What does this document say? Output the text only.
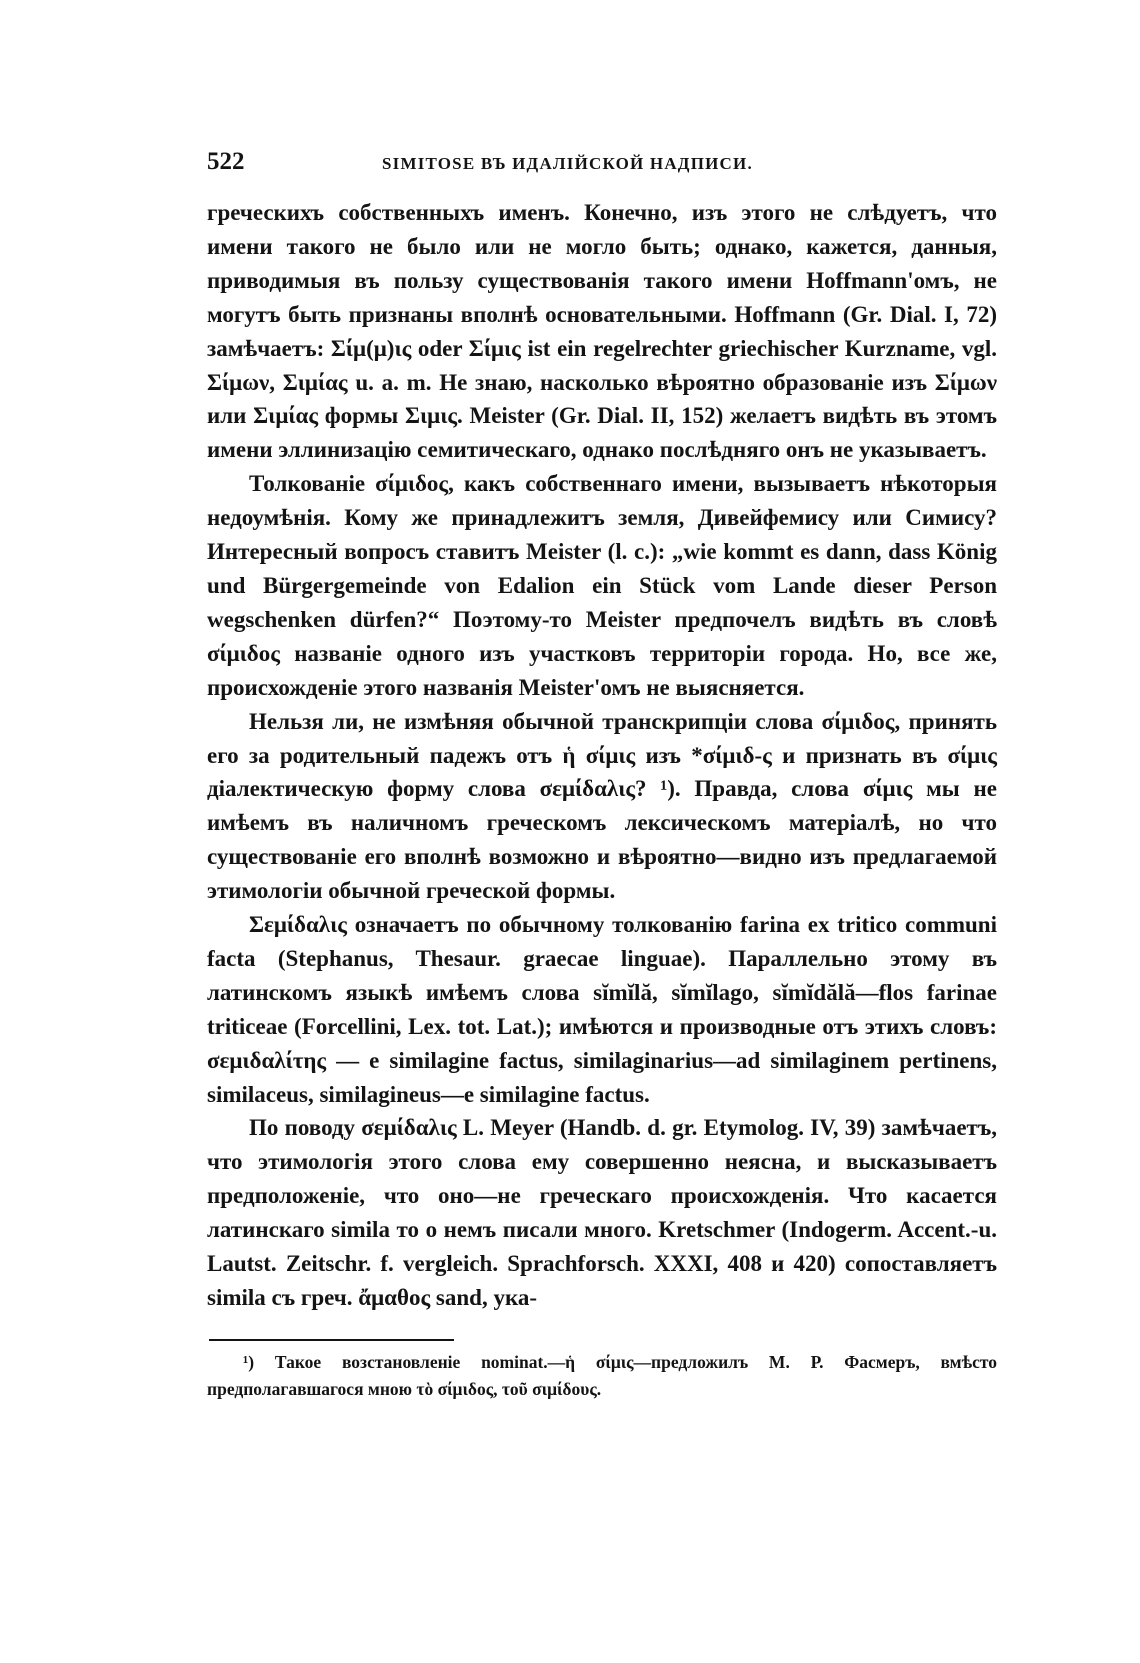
522	SIMITOSE ВЪ ИДАЛІЙСКОЙ НАДПИСИ.

греческихъ собственныхъ именъ. Конечно, изъ этого не слѣдуетъ, что имени такого не было или не могло быть; однако, кажется, данныя, приводимыя въ пользу существованія такого имени Hoffmann'омъ, не могутъ быть признаны вполнѣ основательными. Hoffmann (Gr. Dial. I, 72) замѣчаетъ: Σίμ(μ)ις oder Σίμις ist ein regelrechter griechischer Kurzname, vgl. Σίμων, Σιμίας u. a. m. Не знаю, насколько вѣроятно образованіе изъ Σίμων или Σιμίας формы Σιμις. Meister (Gr. Dial. II, 152) желаетъ видѣть въ этомъ имени эллинизацію семитическаго, однако послѣдняго онъ не указываетъ.

Толкованіе σίμιδος, какъ собственнаго имени, вызываетъ нѣкоторыя недоумѣнія. Кому же принадлежитъ земля, Дивейфемису или Симису? Интересный вопросъ ставитъ Meister (l. c.): „wie kommt es dann, dass König und Bürgergemeinde von Edalion ein Stück vom Lande dieser Person wegschenken dürfen?“ Поэтому-то Meister предпочелъ видѣть въ словѣ σίμιδος названіе одного изъ участковъ территоріи города. Но, все же, происхожденіе этого названія Meister'омъ не выясняется.

Нельзя ли, не измѣняя обычной транскрипціи слова σίμιδος, принять его за родительный падежъ отъ ἡ σίμις изъ *σίμιδ-ς и признать въ σίμις діалектическую форму слова σεμίδαλις? ¹). Правда, слова σίμις мы не имѣемъ въ наличномъ греческомъ лексическомъ матеріалѣ, но что существованіе его вполнѣ возможно и вѣроятно—видно изъ предлагаемой этимологіи обычной греческой формы.

Σεμίδαλις означаетъ по обычному толкованію farina ex tritico communi facta (Stephanus, Thesaur. graecae linguae). Параллельно этому въ латинскомъ языкѣ имѣемъ слова sĭmĭlă, sĭmĭlago, sĭmĭdălă—flos farinae triticeae (Forcellini, Lex. tot. Lat.); имѣются и производные отъ этихъ словъ: σεμιδαλίτης — e similagine factus, similaginarius—ad similaginem pertinens, similaceus, similagineus—e similagine factus.

По поводу σεμίδαλις L. Meyer (Handb. d. gr. Etymolog. IV, 39) замѣчаетъ, что этимологія этого слова ему совершенно неясна, и высказываетъ предположеніе, что оно—не греческаго происхожденія. Что касается латинскаго simila то о немъ писали много. Kretschmer (Indogerm. Accent.-u. Lautst. Zeitschr. f. vergleich. Sprachforsch. XXXI, 408 и 420) сопоставляетъ simila съ греч. ἄμαθος sand, ука-

¹) Такое возстановленіе nominat.—ἡ σίμις—предложилъ М. Р. Фасмеръ, вмѣсто предполагавшагося мною τὸ σίμιδος, τοῦ σιμίδους.
